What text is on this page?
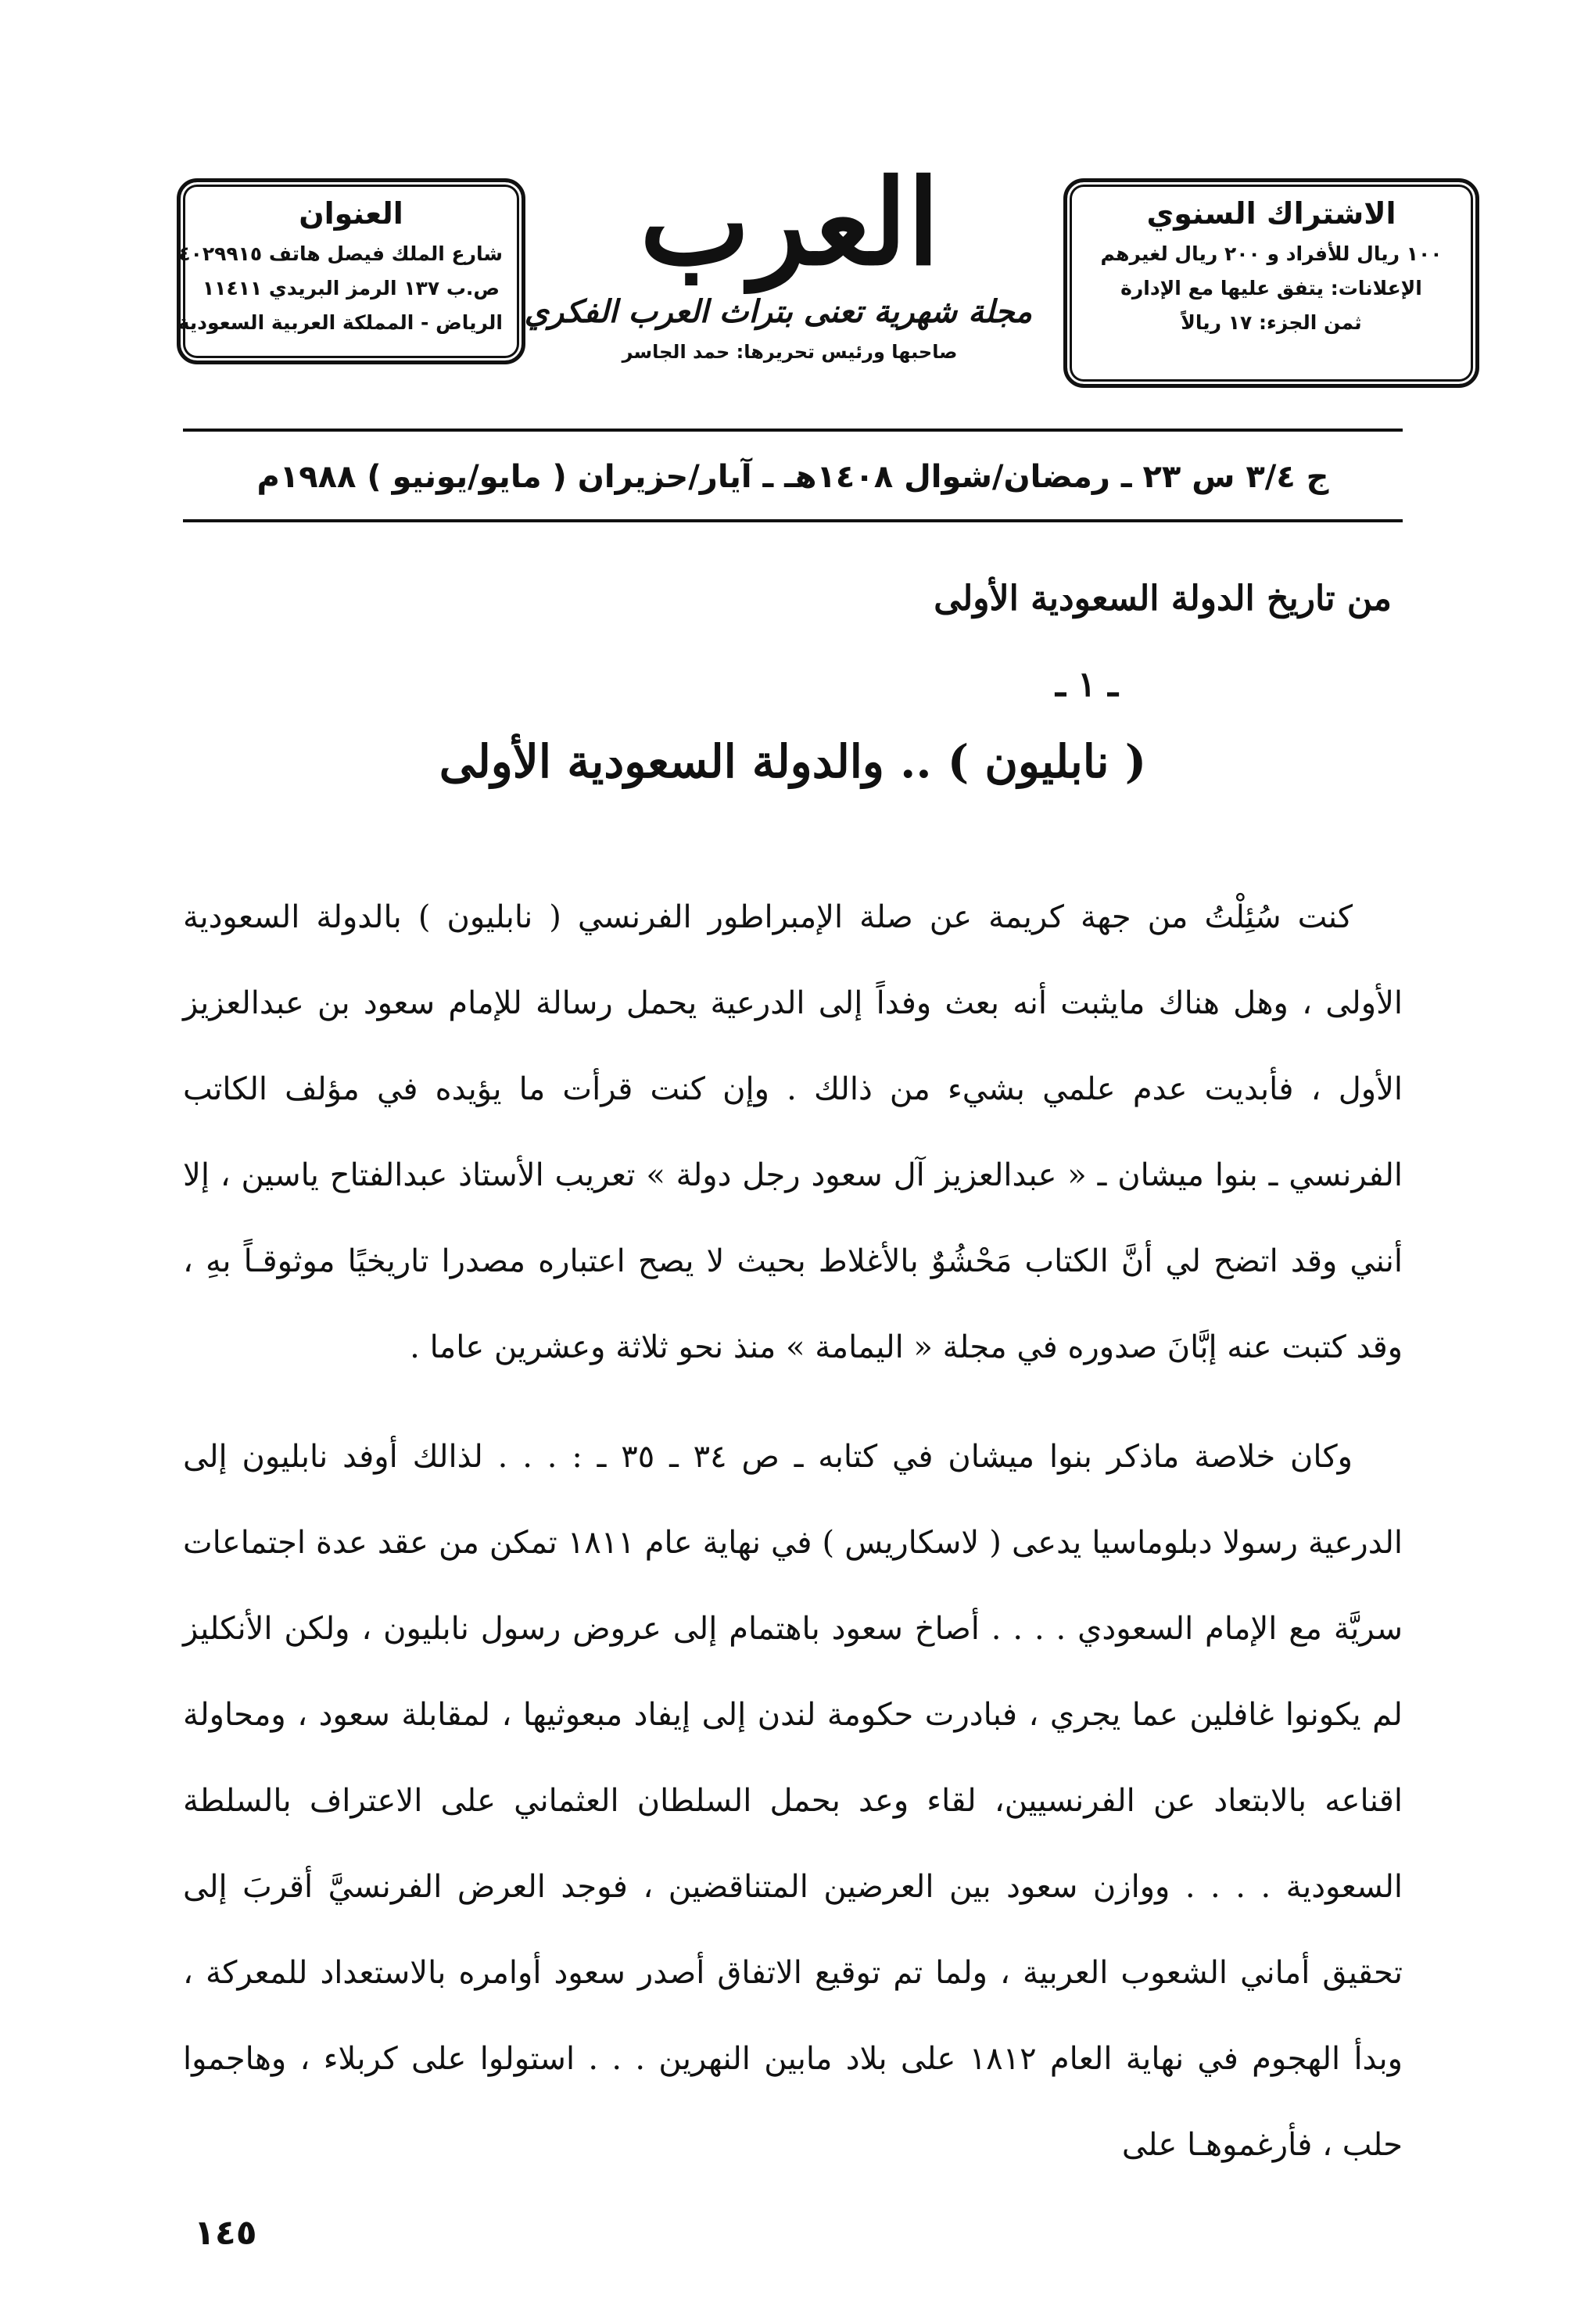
الاشتراك السنوي
١٠٠ ريال للأفراد و ٢٠٠ ريال لغيرهم
الإعلانات: يتفق عليها مع الإدارة
ثمن الجزء: ١٧ ريالاً
العرب
مجلة شهرية تعنى بتراث العرب الفكري
صاحبها ورئيس تحريرها: حمد الجاسر
العنوان
شارع الملك فيصل هاتف ٤٠٢٩٩١٥
ص.ب ١٣٧ الرمز البريدي ١١٤١١
الرياض - المملكة العربية السعودية
ج ٣/٤ س ٢٣ ـ رمضان/شوال ١٤٠٨هـ ـ آيار/حزيران ( مايو/يونيو ) ١٩٨٨م
من تاريخ الدولة السعودية الأولى
ـ ١ ـ
( نابليون ) .. والدولة السعودية الأولى

كنت سُئِلْتُ من جهة كريمة عن صلة الإمبراطور الفرنسي ( نابليون ) بالدولة السعودية الأولى ، وهل هناك مايثبت أنه بعث وفداً إلى الدرعية يحمل رسالة للإمام سعود بن عبدالعزيز الأول ، فأبديت عدم علمي بشيء من ذالك . وإن كنت قرأت ما يؤيده في مؤلف الكاتب الفرنسي ـ بنوا ميشان ـ « عبدالعزيز آل سعود رجل دولة » تعريب الأستاذ عبدالفتاح ياسين ، إلا أنني وقد اتضح لي أنَّ الكتاب مَحْشُوٌ بالأغلاط بحيث لا يصح اعتباره مصدرا تاريخيًا موثوقـاً بهِ ، وقد كتبت عنه إبَّانَ صدوره في مجلة « اليمامة » منذ نحو ثلاثة وعشرين عاما .

وكان خلاصة ماذكر بنوا ميشان في كتابه ـ ص ٣٤ ـ ٣٥ ـ : . . . لذالك أوفد نابليون إلى الدرعية رسولا دبلوماسيا يدعى ( لاسكاريس ) في نهاية عام ١٨١١ تمكن من عقد عدة اجتماعات سريَّة مع الإمام السعودي . . . . أصاخ سعود باهتمام إلى عروض رسول نابليون ، ولكن الأنكليز لم يكونوا غافلين عما يجري ، فبادرت حكومة لندن إلى إيفاد مبعوثيها ، لمقابلة سعود ، ومحاولة اقناعه بالابتعاد عن الفرنسيين، لقاء وعد بحمل السلطان العثماني على الاعتراف بالسلطة السعودية . . . . ووازن سعود بين العرضين المتناقضين ، فوجد العرض الفرنسيَّ أقربَ إلى تحقيق أماني الشعوب العربية ، ولما تم توقيع الاتفاق أصدر سعود أوامره بالاستعداد للمعركة ، وبدأ الهجوم في نهاية العام ١٨١٢ على بلاد مابين النهرين . . . استولوا على كربلاء ، وهاجموا حلب ، فأرغموهـا على

١٤٥
